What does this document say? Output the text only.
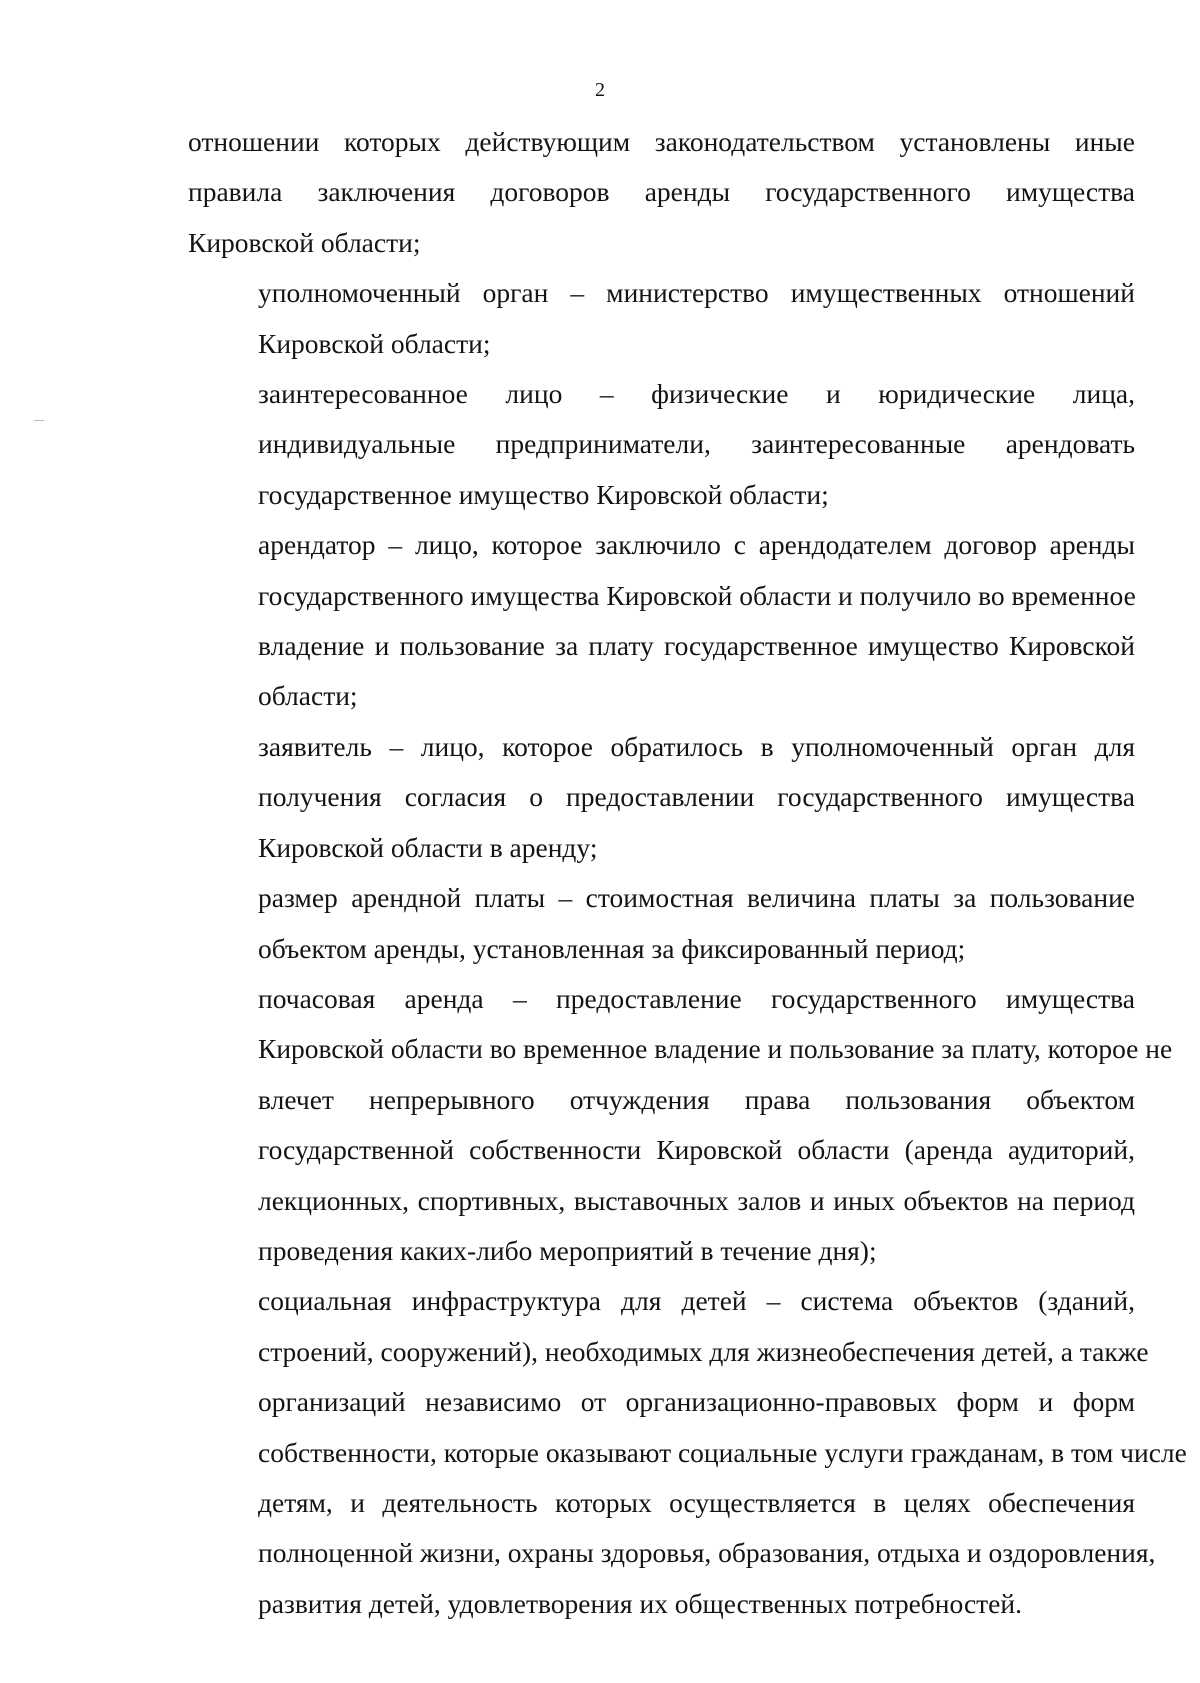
2

отношении которых действующим законодательством установлены иные
правила заключения договоров аренды государственного имущества
Кировской области;

уполномоченный орган – министерство имущественных отношений
Кировской области;

заинтересованное лицо – физические и юридические лица,
индивидуальные предприниматели, заинтересованные арендовать
государственное имущество Кировской области;

арендатор – лицо, которое заключило с арендодателем договор аренды
государственного имущества Кировской области и получило во временное
владение и пользование за плату государственное имущество Кировской
области;

заявитель – лицо, которое обратилось в уполномоченный орган для
получения согласия о предоставлении государственного имущества
Кировской области в аренду;

размер арендной платы – стоимостная величина платы за пользование
объектом аренды, установленная за фиксированный период;

почасовая аренда – предоставление государственного имущества
Кировской области во временное владение и пользование за плату, которое не
влечет непрерывного отчуждения права пользования объектом
государственной собственности Кировской области (аренда аудиторий,
лекционных, спортивных, выставочных залов и иных объектов на период
проведения каких-либо мероприятий в течение дня);

социальная инфраструктура для детей – система объектов (зданий,
строений, сооружений), необходимых для жизнеобеспечения детей, а также
организаций независимо от организационно-правовых форм и форм
собственности, которые оказывают социальные услуги гражданам, в том числе
детям, и деятельность которых осуществляется в целях обеспечения
полноценной жизни, охраны здоровья, образования, отдыха и оздоровления,
развития детей, удовлетворения их общественных потребностей.
